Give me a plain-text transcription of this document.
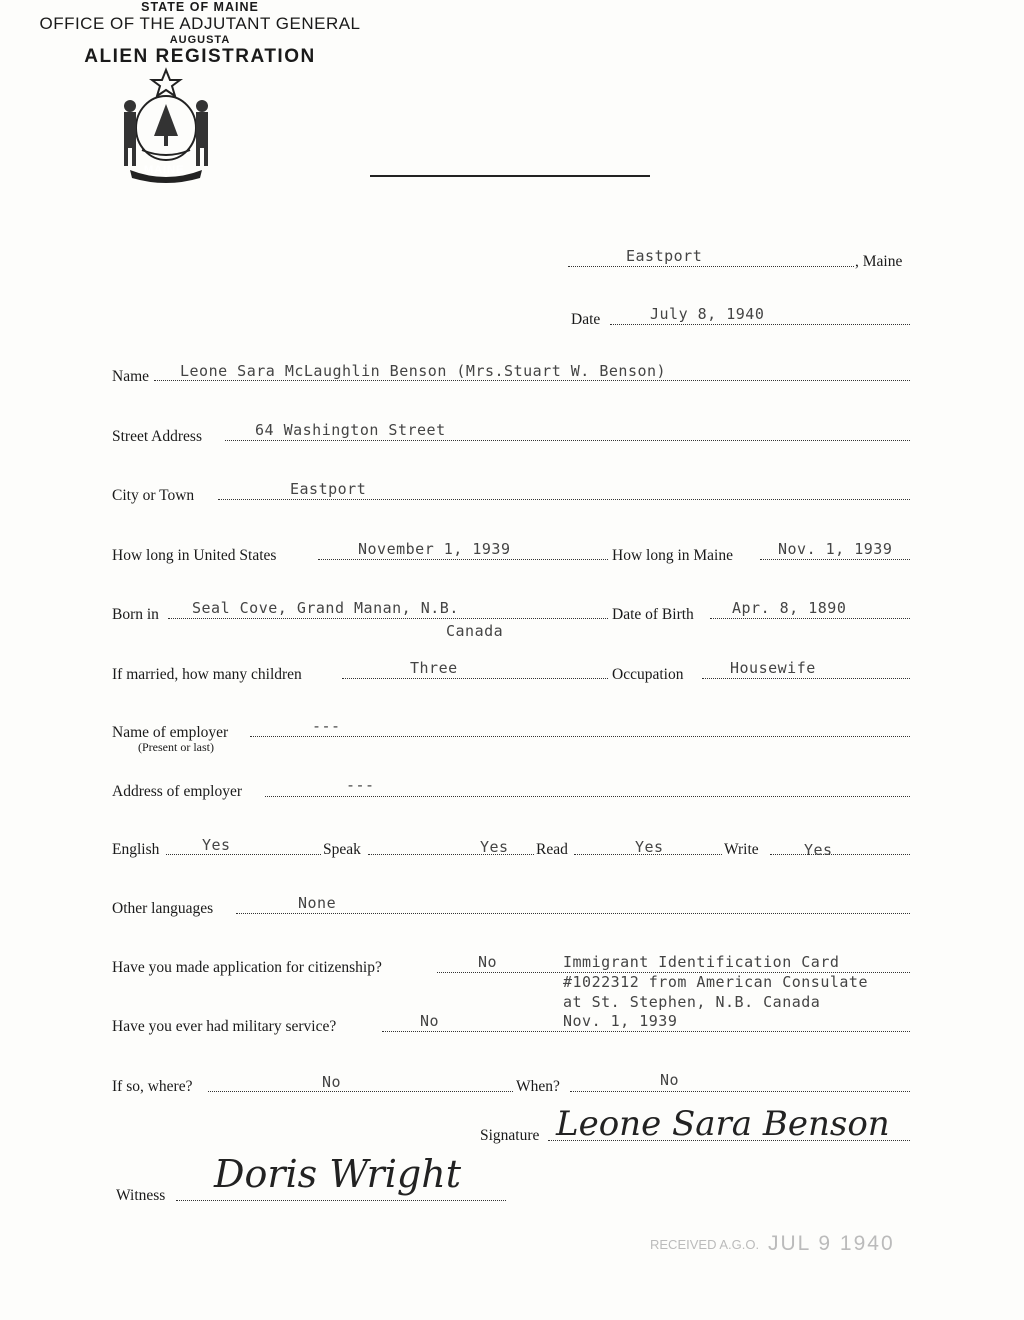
MAINE
STATE OF MAINE
OFFICE OF THE ADJUTANT GENERAL
AUGUSTA
ALIEN REGISTRATION
Eastport	, Maine
Date	July 8, 1940
Name Leone Sara McLaughlin Benson (Mrs.Stuart W. Benson)
Street Address	64 Washington Street
City or Town	Eastport
How long in United States	November 1, 1939	How long in Maine	Nov. 1, 1939
Born in Seal Cove, Grand Manan, N.B.
Canada
Date of Birth	Apr. 8, 1890
If married, how many children	Three	Occupation	Housewife
Name of employer
(Present or last)
---
Address of employer	---
English	Yes	Speak	Yes Read	Yes	Write	Yes
Other languages	None
Have you made application for citizenship?	No	Immigrant Identification Card
#1022312 from American Consulate
at St. Stephen, N.B. Canada
Have you ever had military service?	No	Nov. 1, 1939
If so, where?	No	When?	No
Signature Leone Sara Benson
Witness Doris Wright
RECEIVED A.G.O. JUL 9 1940
